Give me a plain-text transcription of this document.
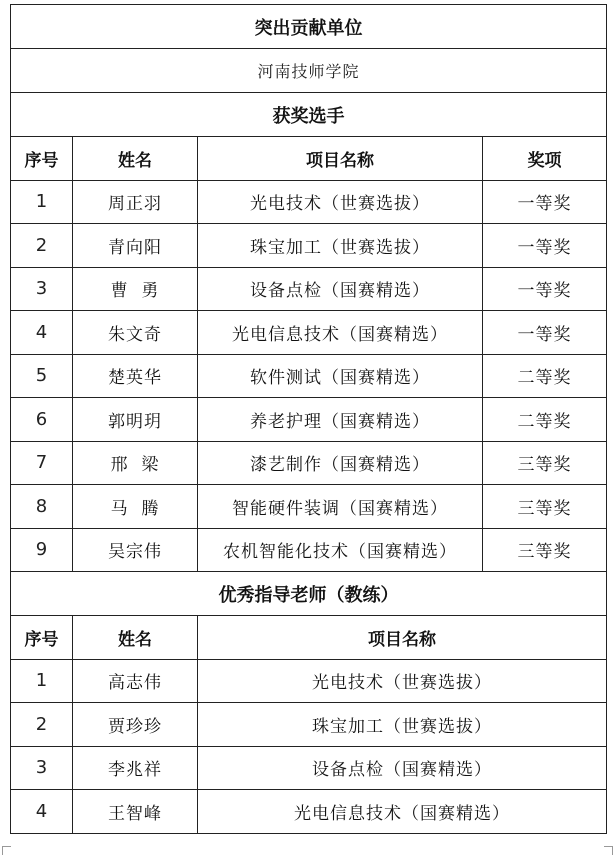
突出贡献单位			
河南技师学院			
获奖选手			
序号	姓名	项目名称	奖项
1	周正羽	光电技术（世赛选拔）	一等奖
2	青向阳	珠宝加工（世赛选拔）	一等奖
3	曹  勇	设备点检（国赛精选）	一等奖
4	朱文奇	光电信息技术（国赛精选）	一等奖
5	楚英华	软件测试（国赛精选）	二等奖
6	郭明玥	养老护理（国赛精选）	二等奖
7	邢  梁	漆艺制作（国赛精选）	三等奖
8	马  腾	智能硬件装调（国赛精选）	三等奖
9	吴宗伟	农机智能化技术（国赛精选）	三等奖
优秀指导老师（教练）			
序号	姓名	项目名称	
1	高志伟	光电技术（世赛选拔）	
2	贾珍珍	珠宝加工（世赛选拔）	
3	李兆祥	设备点检（国赛精选）	
4	王智峰	光电信息技术（国赛精选）	
